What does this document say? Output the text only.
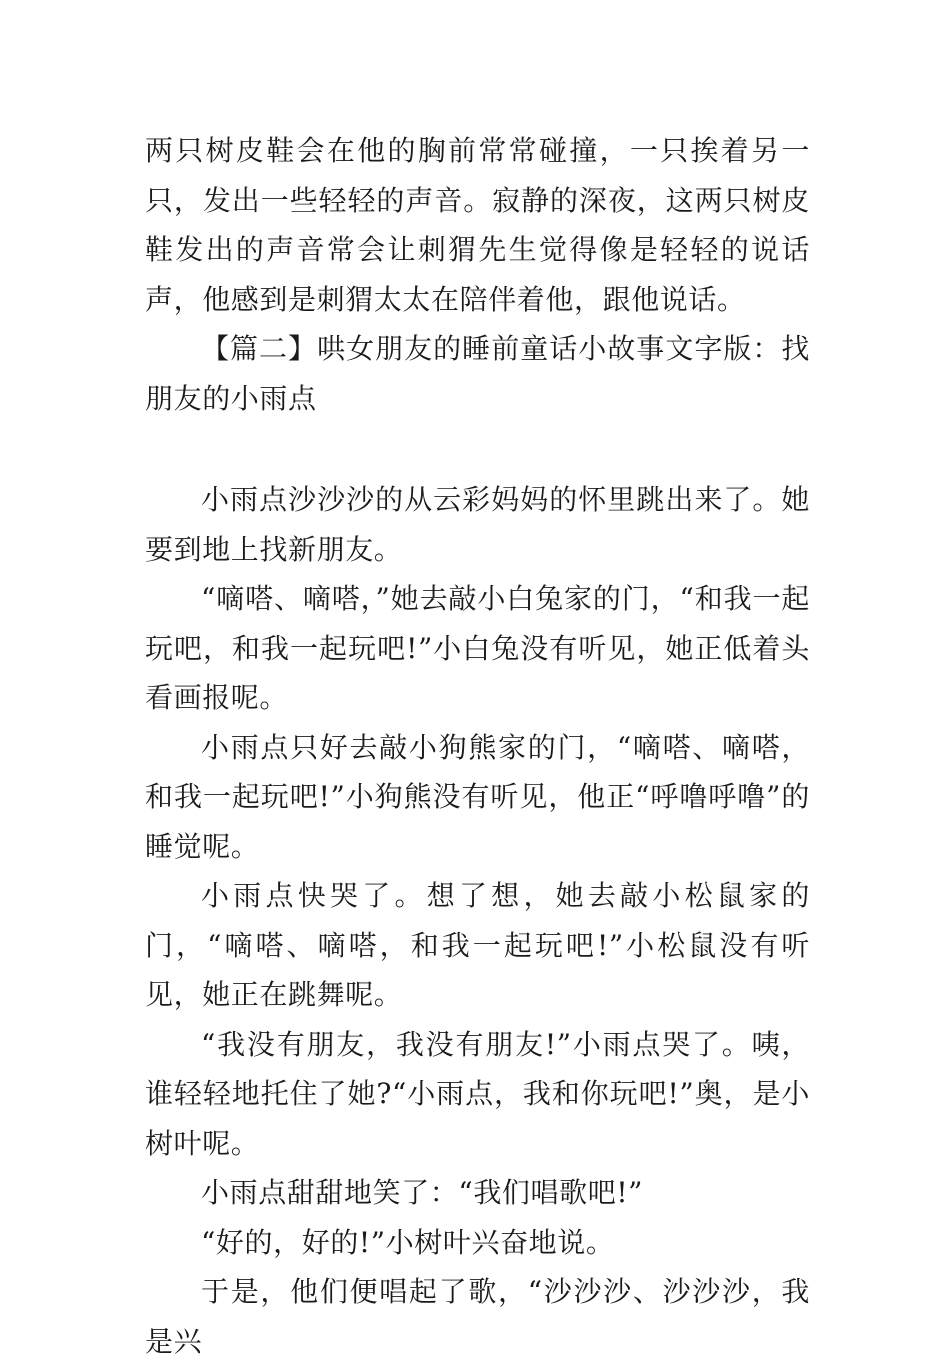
两只树皮鞋会在他的胸前常常碰撞，一只挨着另一只，发出一些轻轻的声音。寂静的深夜，这两只树皮鞋发出的声音常会让刺猬先生觉得像是轻轻的说话声，他感到是刺猬太太在陪伴着他，跟他说话。

【篇二】哄女朋友的睡前童话小故事文字版：找朋友的小雨点

小雨点沙沙沙的从云彩妈妈的怀里跳出来了。她要到地上找新朋友。

“嘀嗒、嘀嗒，”她去敲小白兔家的门，“和我一起玩吧，和我一起玩吧!”小白兔没有听见，她正低着头看画报呢。

小雨点只好去敲小狗熊家的门，“嘀嗒、嘀嗒，和我一起玩吧!”小狗熊没有听见，他正“呼噜呼噜”的睡觉呢。

小雨点快哭了。想了想，她去敲小松鼠家的门，“嘀嗒、嘀嗒，和我一起玩吧!”小松鼠没有听见，她正在跳舞呢。

“我没有朋友，我没有朋友!”小雨点哭了。咦，谁轻轻地托住了她?“小雨点，我和你玩吧!”奥，是小树叶呢。

小雨点甜甜地笑了：“我们唱歌吧!”

“好的，好的!”小树叶兴奋地说。

于是，他们便唱起了歌，“沙沙沙、沙沙沙，我是兴
